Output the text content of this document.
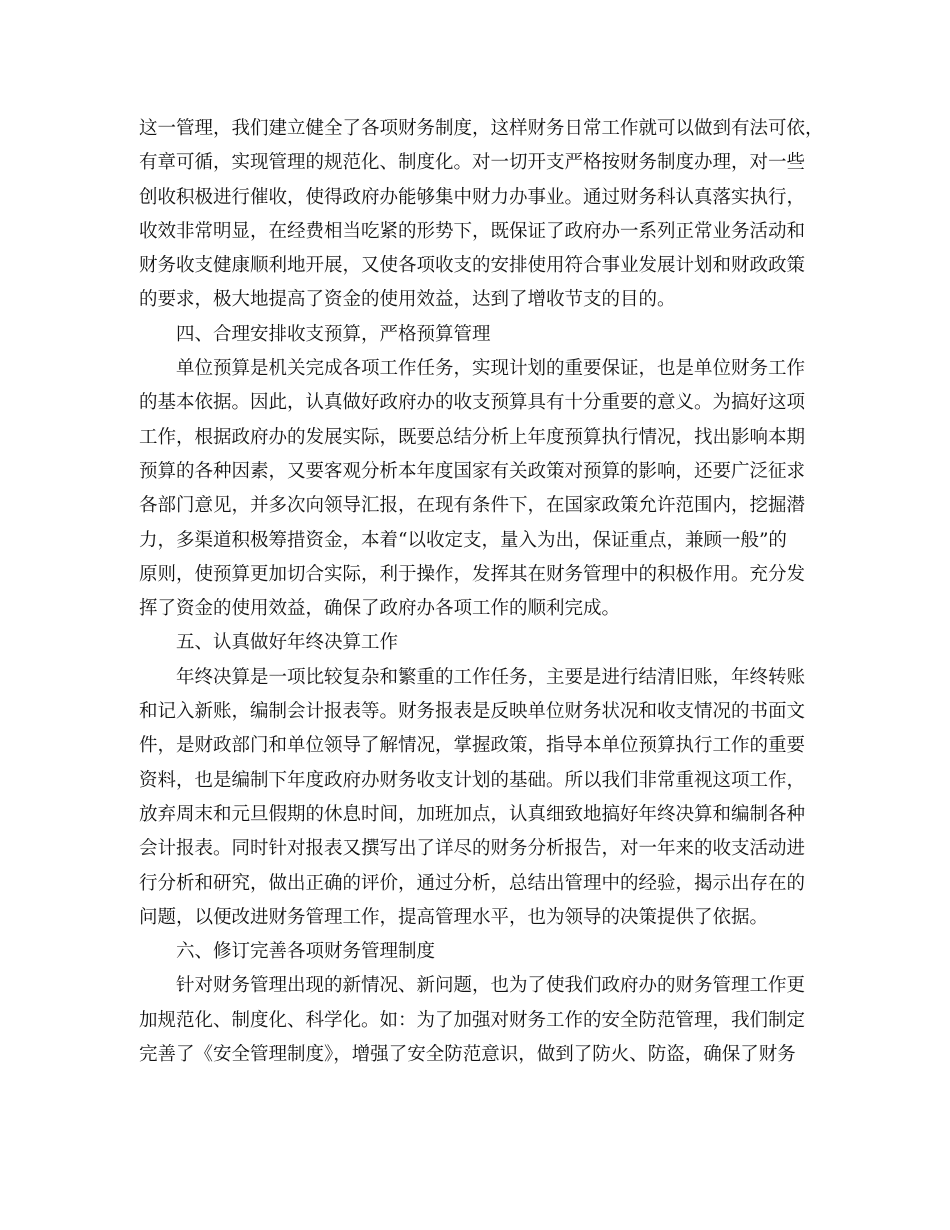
这一管理，我们建立健全了各项财务制度，这样财务日常工作就可以做到有法可依，
有章可循，实现管理的规范化、制度化。对一切开支严格按财务制度办理，对一些
创收积极进行催收，使得政府办能够集中财力办事业。通过财务科认真落实执行，
收效非常明显，在经费相当吃紧的形势下，既保证了政府办一系列正常业务活动和
财务收支健康顺利地开展，又使各项收支的安排使用符合事业发展计划和财政政策
的要求，极大地提高了资金的使用效益，达到了增收节支的目的。
四、合理安排收支预算，严格预算管理
单位预算是机关完成各项工作任务，实现计划的重要保证，也是单位财务工作
的基本依据。因此，认真做好政府办的收支预算具有十分重要的意义。为搞好这项
工作，根据政府办的发展实际，既要总结分析上年度预算执行情况，找出影响本期
预算的各种因素，又要客观分析本年度国家有关政策对预算的影响，还要广泛征求
各部门意见，并多次向领导汇报，在现有条件下，在国家政策允许范围内，挖掘潜
力，多渠道积极筹措资金，本着“以收定支，量入为出，保证重点，兼顾一般”的
原则，使预算更加切合实际，利于操作，发挥其在财务管理中的积极作用。充分发
挥了资金的使用效益，确保了政府办各项工作的顺利完成。
五、认真做好年终决算工作
年终决算是一项比较复杂和繁重的工作任务，主要是进行结清旧账，年终转账
和记入新账，编制会计报表等。财务报表是反映单位财务状况和收支情况的书面文
件，是财政部门和单位领导了解情况，掌握政策，指导本单位预算执行工作的重要
资料，也是编制下年度政府办财务收支计划的基础。所以我们非常重视这项工作，
放弃周末和元旦假期的休息时间，加班加点，认真细致地搞好年终决算和编制各种
会计报表。同时针对报表又撰写出了详尽的财务分析报告，对一年来的收支活动进
行分析和研究，做出正确的评价，通过分析，总结出管理中的经验，揭示出存在的
问题，以便改进财务管理工作，提高管理水平，也为领导的决策提供了依据。
六、修订完善各项财务管理制度
针对财务管理出现的新情况、新问题，也为了使我们政府办的财务管理工作更
加规范化、制度化、科学化。如：为了加强对财务工作的安全防范管理，我们制定
完善了《安全管理制度》，增强了安全防范意识，做到了防火、防盗，确保了财务
